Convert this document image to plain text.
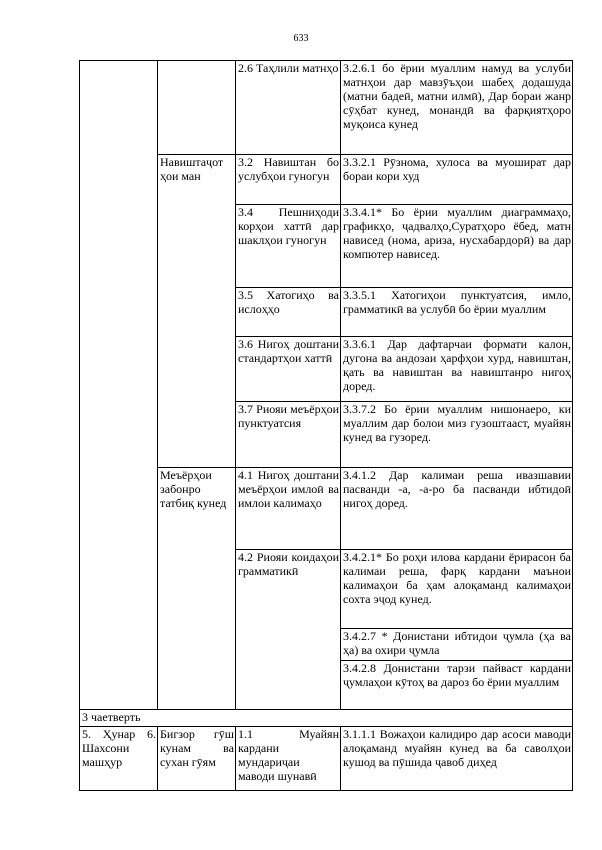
633
		2.6 Таҳлили матнҳо	3.2.6.1 бо ёрии муаллим намуд ва услуби матнҳои дар мавзӯъҳои шабеҳ додашуда (матни бадеӣ, матни илмӣ), Дар бораи жанр сӯҳбат кунед, монандӣ ва фарқиятҳоро муқоиса кунед
	Навиштаҷот ҳои ман	3.2 Навиштан бо услубҳои гуногун	3.3.2.1 Рӯзнома, хулоса ва муошират дар бораи кори худ
		3.4 Пешниҳоди корҳои хаттӣ дар шаклҳои гуногун	3.3.4.1* Бо ёрии муаллим диаграммаҳо, графикҳо, ҷадвалҳо,Суратҳоро ёбед, матн нависед (нома, ариза, нусхабардорӣ) ва дар компютер нависед.
		3.5 Хатогиҳо ва ислоҳҳо	3.3.5.1 Хатогиҳои пунктуатсия, имло, грамматикӣ ва услубӣ бо ёрии муаллим
		3.6 Нигоҳ доштани стандартҳои хаттӣ	3.3.6.1 Дар дафтарчаи формати калон, дугона ва андозаи ҳарфҳои хурд, навиштан, қать ва навиштан ва навиштанро нигоҳ доред.
		3.7 Риояи меъёрҳои пунктуатсия	3.3.7.2 Бо ёрии муаллим нишонаеро, ки муаллим дар болои миз гузоштааст, муайян кунед ва гузоред.
	Меъёрҳои забонро татбиқ кунед	4.1 Нигоҳ доштани меъёрҳои имлоӣ ва имлои калимаҳо	3.4.1.2 Дар калимаи реша ивазшавии пасванди -а, -а-ро ба пасванди ибтидоӣ нигоҳ доред.
		4.2 Риояи коидаҳои грамматикӣ	3.4.2.1* Бо роҳи илова кардани ёрирасон ба калимаи реша, фарқ кардани маънои калимаҳои ба ҳам алоқаманд калимаҳои сохта эҷод кунед.
			3.4.2.7 * Донистани ибтидои ҷумла (ҳа ва ҳа) ва охири ҷумла
			3.4.2.8 Донистани тарзи пайваст кардани ҷумлаҳои кӯтоҳ ва дароз бо ёрии муаллим
3 чаетверть			
5. Ҳунар 6. Шахсони машҳур	Бигзор гӯш кунам ва сухан гӯям	1.1 Муайян кардани мундариҷаи маводи шунавӣ	3.1.1.1 Вожаҳои калидиро дар асоси маводи алоқаманд муайян кунед ва ба саволҳои кушод ва пӯшида ҷавоб диҳед
